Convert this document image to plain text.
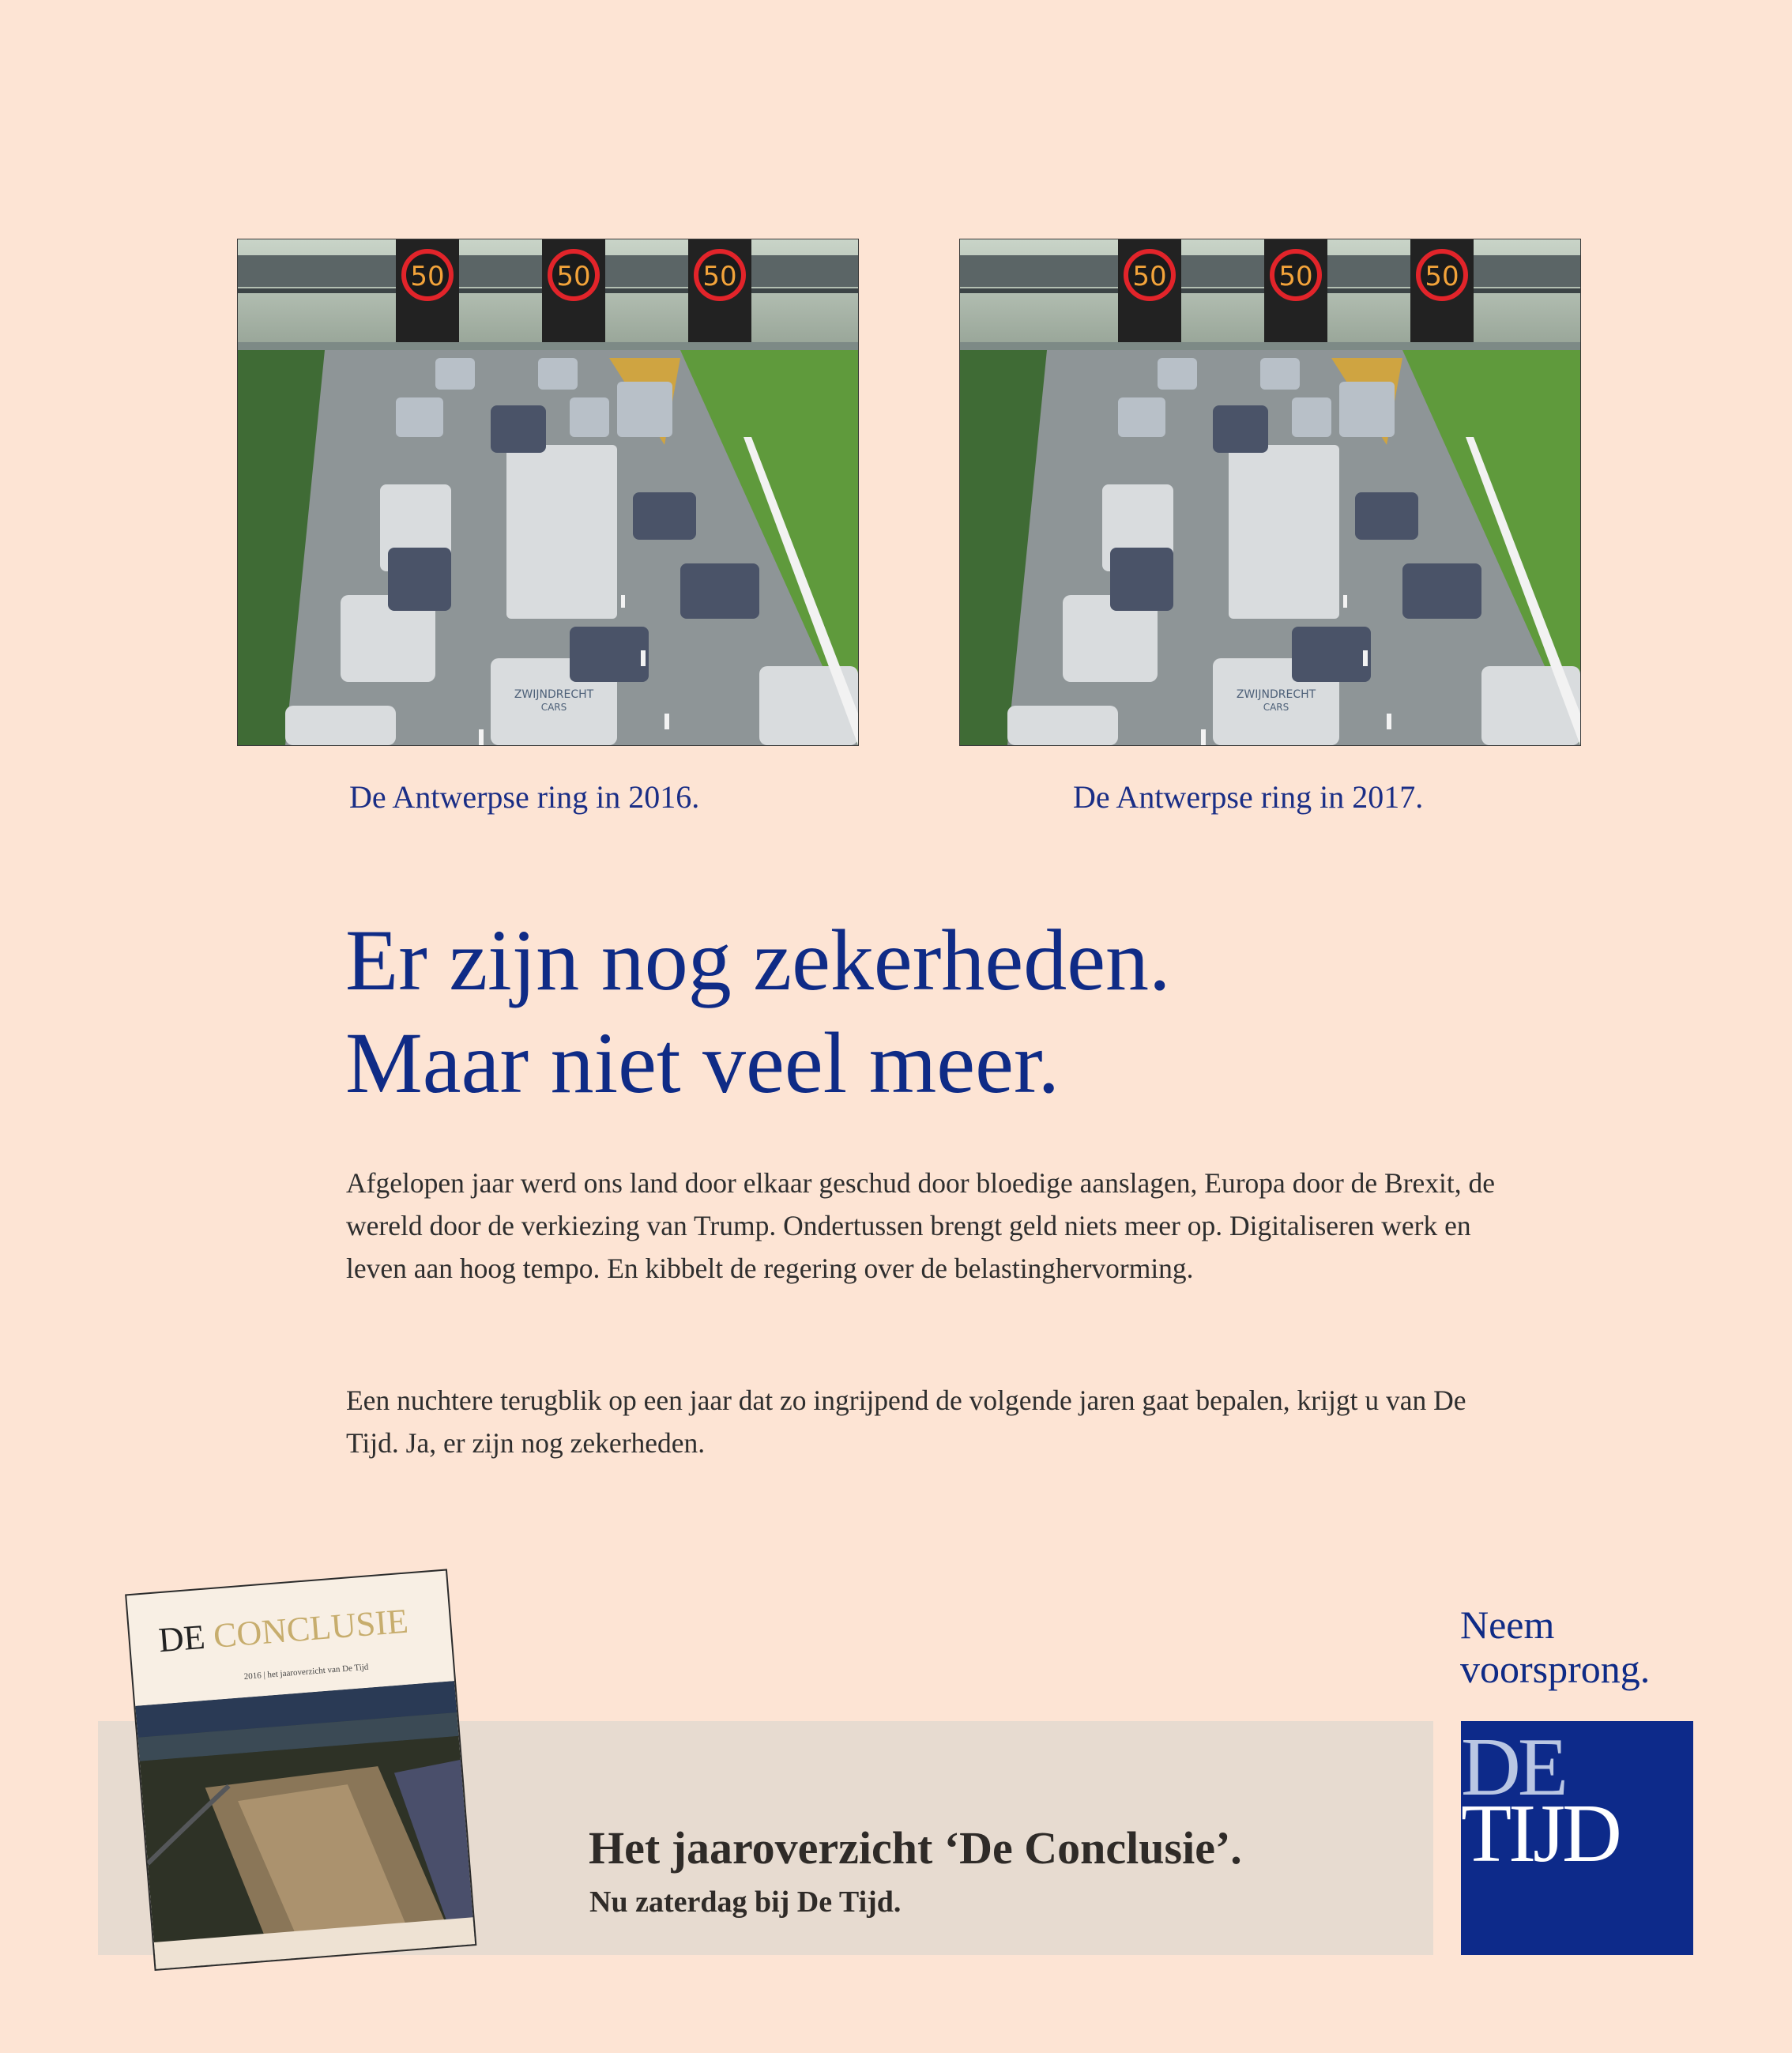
50	50	50
ZWIJNDRECHT
CARS
50	50	50
ZWIJNDRECHT
CARS
De Antwerpse ring in 2016.	De Antwerpse ring in 2017.
Er zijn nog zekerheden.
Maar niet veel meer.

Afgelopen jaar werd ons land door elkaar geschud door bloedige aanslagen, Europa door de Brexit, de wereld door de verkiezing van Trump. Ondertussen brengt geld niets meer op. Digitaliseren werk en leven aan hoog tempo. En kibbelt de regering over de belastinghervorming.

Een nuchtere terugblik op een jaar dat zo ingrijpend de volgende jaren gaat bepalen, krijgt u van De Tijd. Ja, er zijn nog zekerheden.

DE CONCLUSIE
2016 | het jaaroverzicht van De Tijd
Het jaaroverzicht ‘De Conclusie’.
Nu zaterdag bij De Tijd.

Neem
voorsprong.

DE
TIJD
